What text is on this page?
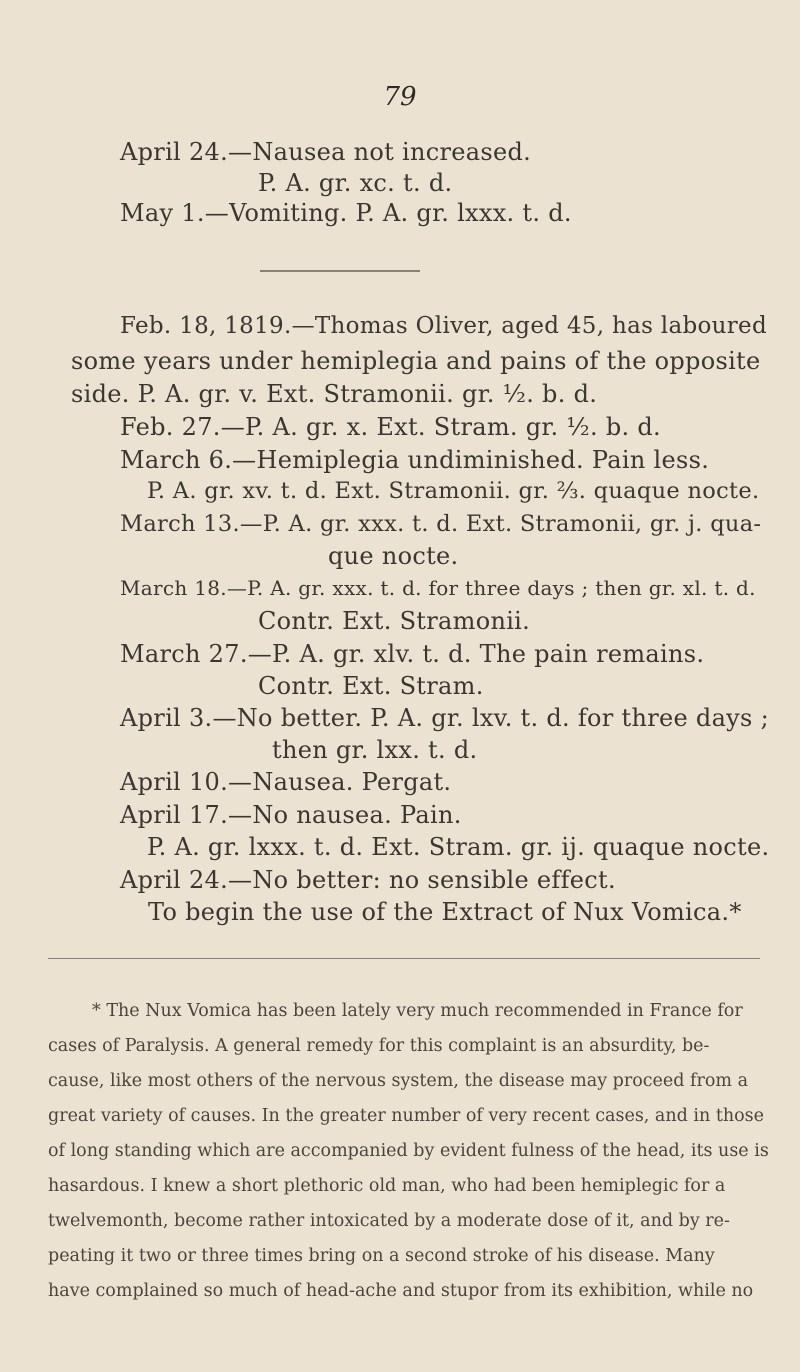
79
April 24.—Nausea not increased.
P. A. gr. xc. t. d.
May 1.—Vomiting. P. A. gr. lxxx. t. d.
Feb. 18, 1819.—Thomas Oliver, aged 45, has laboured
some years under hemiplegia and pains of the opposite
side. P. A. gr. v. Ext. Stramonii. gr. ½. b. d.
Feb. 27.—P. A. gr. x. Ext. Stram. gr. ½. b. d.
March 6.—Hemiplegia undiminished. Pain less.
P. A. gr. xv. t. d. Ext. Stramonii. gr. ⅔. quaque nocte.
March 13.—P. A. gr. xxx. t. d. Ext. Stramonii, gr. j. qua-
que nocte.
March 18.—P. A. gr. xxx. t. d. for three days ; then gr. xl. t. d.
Contr. Ext. Stramonii.
March 27.—P. A. gr. xlv. t. d. The pain remains.
Contr. Ext. Stram.
April 3.—No better. P. A. gr. lxv. t. d. for three days ;
then gr. lxx. t. d.
April 10.—Nausea. Pergat.
April 17.—No nausea. Pain.
P. A. gr. lxxx. t. d. Ext. Stram. gr. ij. quaque nocte.
April 24.—No better: no sensible effect.
To begin the use of the Extract of Nux Vomica.*
* The Nux Vomica has been lately very much recommended in France for
cases of Paralysis. A general remedy for this complaint is an absurdity, be-
cause, like most others of the nervous system, the disease may proceed from a
great variety of causes. In the greater number of very recent cases, and in those
of long standing which are accompanied by evident fulness of the head, its use is
hasardous. I knew a short plethoric old man, who had been hemiplegic for a
twelvemonth, become rather intoxicated by a moderate dose of it, and by re-
peating it two or three times bring on a second stroke of his disease. Many
have complained so much of head-ache and stupor from its exhibition, while no
